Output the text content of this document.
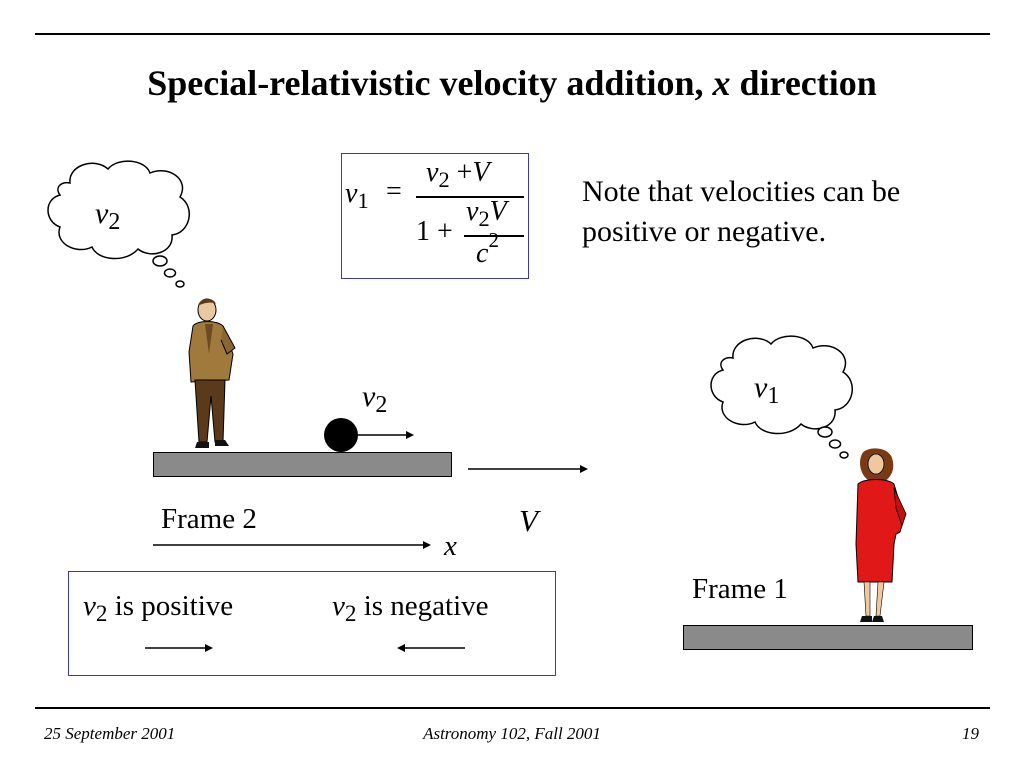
Special-relativistic velocity addition, x direction
v1 =
v2 +V
1 +
v2V
$c^2$
Note that velocities can be
positive or negative.
$v_2$
$v_1$
$v_2$
V
Frame 2
x
v2 is positive	v2 is negative
Frame 1
25 September 2001	Astronomy 102, Fall 2001	19
